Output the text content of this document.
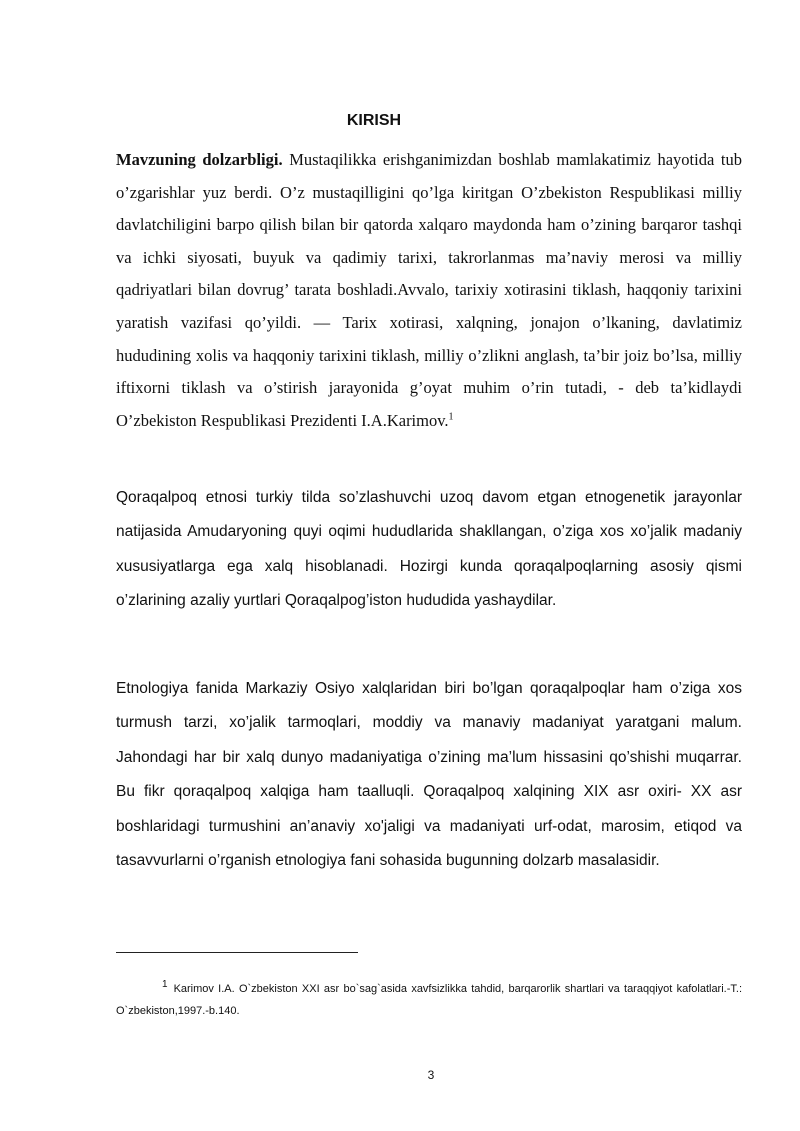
KIRISH
Mavzuning dolzarbligi. Mustaqilikka erishganimizdan boshlab mamlakatimiz hayotida tub o’zgarishlar yuz berdi. O’z mustaqilligini qo’lga kiritgan O’zbekiston Respublikasi milliy davlatchiligini barpo qilish bilan bir qatorda xalqaro maydonda ham o’zining barqaror tashqi va ichki siyosati, buyuk va qadimiy tarixi, takrorlanmas ma’naviy merosi va milliy qadriyatlari bilan dovrug’ tarata boshladi.Avvalo, tarixiy xotirasini tiklash, haqqoniy tarixini yaratish vazifasi qo’yildi. — Tarix xotirasi, xalqning, jonajon o’lkaning, davlatimiz hududining xolis va haqqoniy tarixini tiklash, milliy o’zlikni anglash, ta’bir joiz bo’lsa, milliy iftixorni tiklash va o’stirish jarayonida g’oyat muhim o’rin tutadi, - deb ta’kidlaydi O’zbekiston Respublikasi Prezidenti I.A.Karimov.$^1$
Qoraqalpoq etnosi turkiy tilda so’zlashuvchi uzoq davom etgan etnogenetik jarayonlar natijasida Amudaryoning quyi oqimi hududlarida shakllangan, o’ziga xos xo’jalik madaniy xususiyatlarga ega xalq hisoblanadi. Hozirgi kunda qoraqalpoqlarning asosiy qismi o’zlarining azaliy yurtlari Qoraqalpog’iston hududida yashaydilar.
Etnologiya fanida Markaziy Osiyo xalqlaridan biri bo’lgan qoraqalpoqlar ham o’ziga xos turmush tarzi, xo’jalik tarmoqlari, moddiy va manaviy madaniyat yaratgani malum. Jahondagi har bir xalq dunyo madaniyatiga o’zining ma’lum hissasini qo’shishi muqarrar. Bu fikr qoraqalpoq xalqiga ham taalluqli. Qoraqalpoq xalqining XIX asr oxiri- XX asr boshlaridagi turmushini an’anaviy xo'jaligi va madaniyati urf-odat, marosim, etiqod va tasavvurlarni o’rganish etnologiya fani sohasida bugunning dolzarb masalasidir.
1 Karimov I.A. O`zbekiston XXI asr bo`sag`asida xavfsizlikka tahdid, barqarorlik shartlari va taraqqiyot kafolatlari.-T.: O`zbekiston,1997.-b.140.
3
